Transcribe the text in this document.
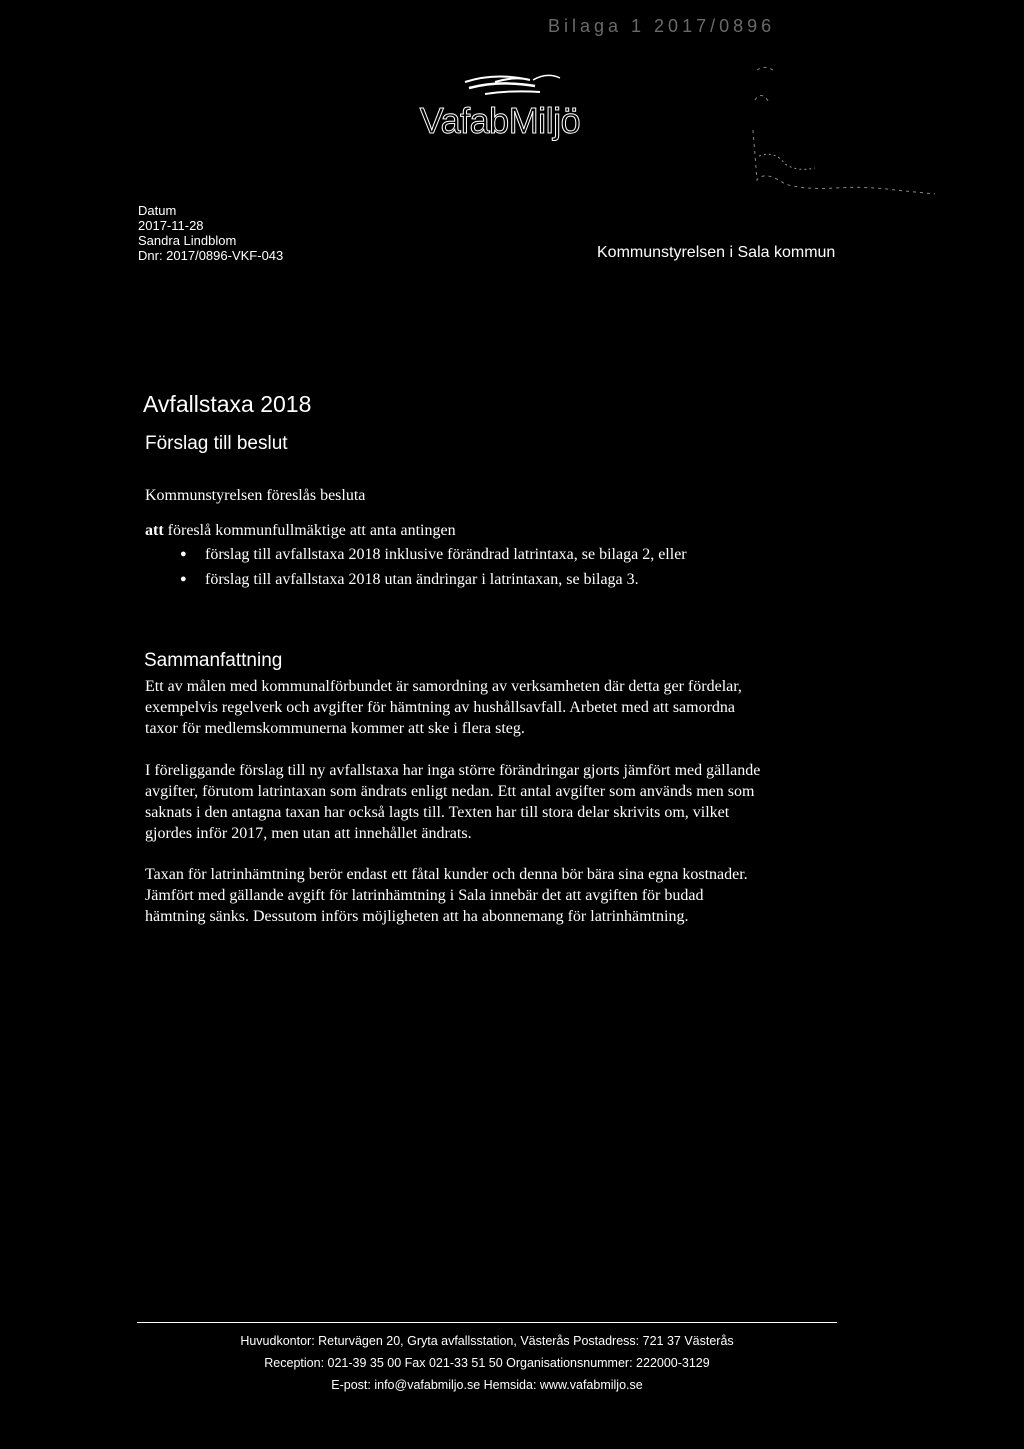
Bilaga 1 2017/0896
VafabMiljö
Datum
2017-11-28
Sandra Lindblom
Dnr: 2017/0896-VKF-043	Kommunstyrelsen i Sala kommun
Avfallstaxa 2018
Förslag till beslut
Kommunstyrelsen föreslås besluta
att föreslå kommunfullmäktige att anta antingen
● förslag till avfallstaxa 2018 inklusive förändrad latrintaxa, se bilaga 2, eller
● förslag till avfallstaxa 2018 utan ändringar i latrintaxan, se bilaga 3.
Sammanfattning
Ett av målen med kommunalförbundet är samordning av verksamheten där detta ger fördelar,
exempelvis regelverk och avgifter för hämtning av hushållsavfall. Arbetet med att samordna
taxor för medlemskommunerna kommer att ske i flera steg.
I föreliggande förslag till ny avfallstaxa har inga större förändringar gjorts jämfört med gällande
avgifter, förutom latrintaxan som ändrats enligt nedan. Ett antal avgifter som används men som
saknats i den antagna taxan har också lagts till. Texten har till stora delar skrivits om, vilket
gjordes inför 2017, men utan att innehållet ändrats.
Taxan för latrinhämtning berör endast ett fåtal kunder och denna bör bära sina egna kostnader.
Jämfört med gällande avgift för latrinhämtning i Sala innebär det att avgiften för budad
hämtning sänks. Dessutom införs möjligheten att ha abonnemang för latrinhämtning.
Huvudkontor: Returvägen 20, Gryta avfallsstation, Västerås Postadress: 721 37 Västerås
Reception: 021-39 35 00 Fax 021-33 51 50 Organisationsnummer: 222000-3129
E-post: info@vafabmiljo.se Hemsida: www.vafabmiljo.se
